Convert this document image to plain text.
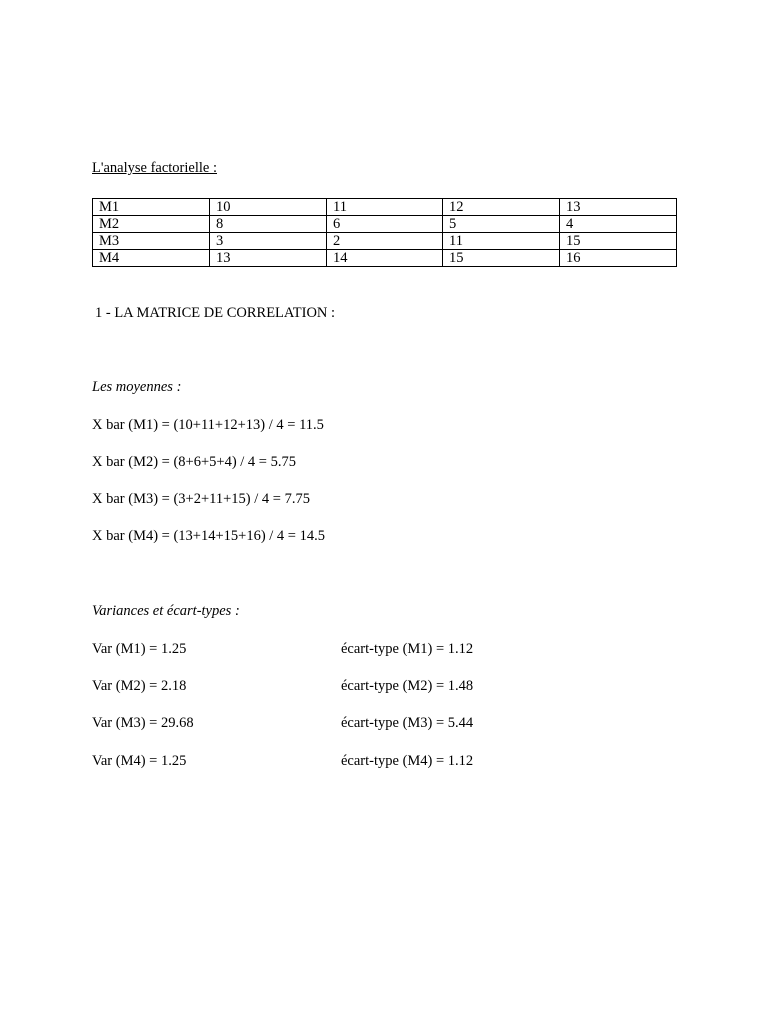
L'analyse factorielle :
M1	10	11	12	13
M2	8	6	5	4
M3	3	2	11	15
M4	13	14	15	16
1 - LA MATRICE DE CORRELATION :
Les moyennes :
X bar (M1) = (10+11+12+13) / 4 = 11.5
X bar (M2) = (8+6+5+4) / 4 = 5.75
X bar (M3) = (3+2+11+15) / 4 = 7.75
X bar (M4) = (13+14+15+16) / 4 = 14.5
Variances et écart-types :
Var (M1) = 1.25	écart-type (M1) = 1.12
Var (M2) = 2.18	écart-type (M2) = 1.48
Var (M3) = 29.68	écart-type (M3) = 5.44
Var (M4) = 1.25	écart-type (M4) = 1.12
